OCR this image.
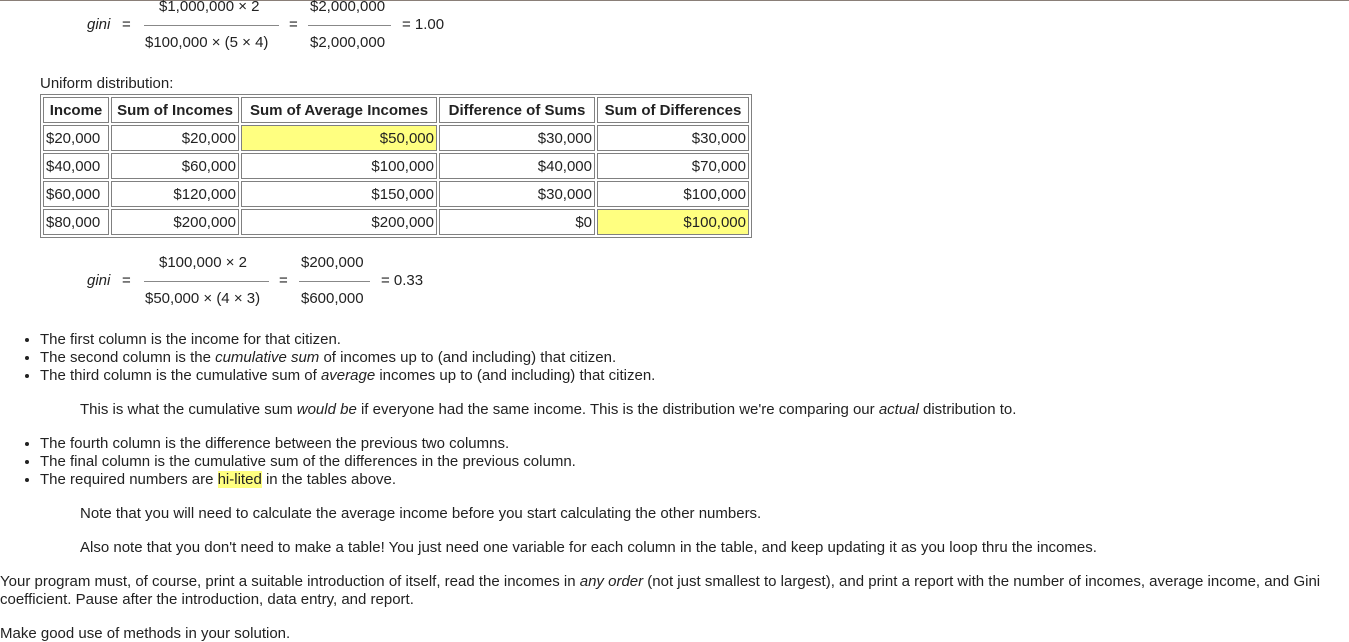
gini =
$1,000,000 × 2
$100,000 × (5 × 4)
=
$2,000,000
$2,000,000
= 1.00
Uniform distribution:
Income	Sum of Incomes	Sum of Average Incomes	Difference of Sums	Sum of Differences
$20,000	$20,000	$50,000	$30,000	$30,000
$40,000	$60,000	$100,000	$40,000	$70,000
$60,000	$120,000	$150,000	$30,000	$100,000
$80,000	$200,000	$200,000	$0	$100,000
gini =
$100,000 × 2
$50,000 × (4 × 3)
=
$200,000
$600,000
= 0.33
• The first column is the income for that citizen.
• The second column is the cumulative sum of incomes up to (and including) that citizen.
• The third column is the cumulative sum of average incomes up to (and including) that citizen.
This is what the cumulative sum would be if everyone had the same income. This is the distribution we're comparing our actual distribution to.
• The fourth column is the difference between the previous two columns.
• The final column is the cumulative sum of the differences in the previous column.
• The required numbers are hi-lited in the tables above.
Note that you will need to calculate the average income before you start calculating the other numbers.
Also note that you don't need to make a table! You just need one variable for each column in the table, and keep updating it as you loop thru the incomes.
Your program must, of course, print a suitable introduction of itself, read the incomes in any order (not just smallest to largest), and print a report with the number of incomes, average income, and Gini coefficient. Pause after the introduction, data entry, and report.
Make good use of methods in your solution.
